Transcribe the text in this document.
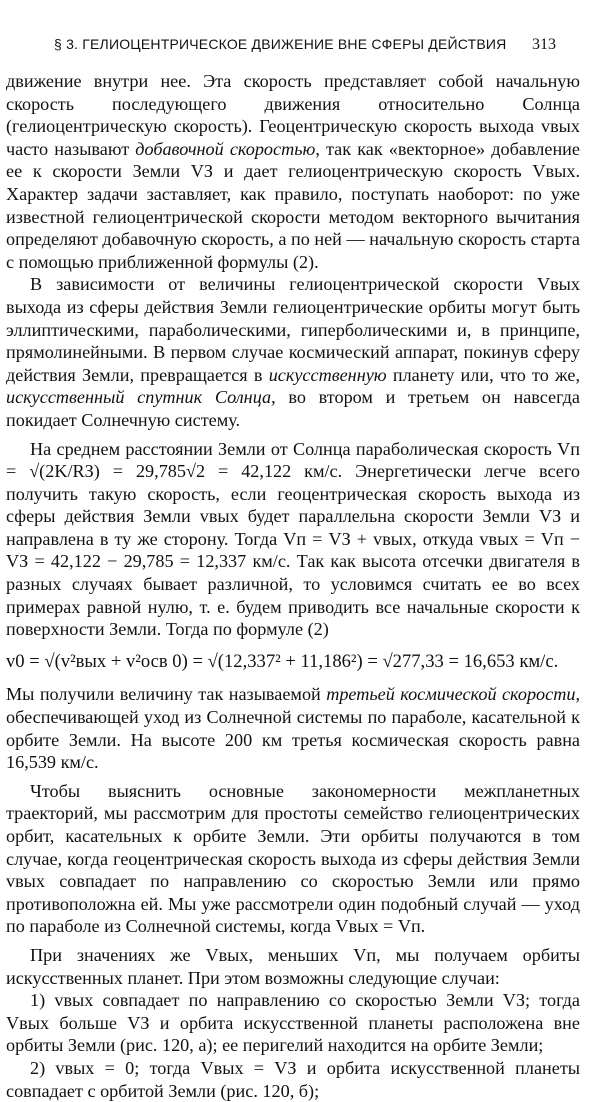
§ 3. ГЕЛИОЦЕНТРИЧЕСКОЕ ДВИЖЕНИЕ ВНЕ СФЕРЫ ДЕЙСТВИЯ 313

движение внутри нее. Эта скорость представляет собой начальную скорость последующего движения относительно Солнца (гелиоцентрическую скорость). Геоцентрическую скорость выхода vвых часто называют добавочной скоростью, так как «векторное» добавление ее к скорости Земли VЗ и дает гелиоцентрическую скорость Vвых. Характер задачи заставляет, как правило, поступать наоборот: по уже известной гелиоцентрической скорости методом векторного вычитания определяют добавочную скорость, а по ней — начальную скорость старта с помощью приближенной формулы (2).

В зависимости от величины гелиоцентрической скорости Vвых выхода из сферы действия Земли гелиоцентрические орбиты могут быть эллиптическими, параболическими, гиперболическими и, в принципе, прямолинейными. В первом случае космический аппарат, покинув сферу действия Земли, превращается в искусственную планету или, что то же, искусственный спутник Солнца, во втором и третьем он навсегда покидает Солнечную систему.

На среднем расстоянии Земли от Солнца параболическая скорость Vп = √(2K/RЗ) = 29,785√2 = 42,122 км/с. Энергетически легче всего получить такую скорость, если геоцентрическая скорость выхода из сферы действия Земли vвых будет параллельна скорости Земли VЗ и направлена в ту же сторону. Тогда Vп = VЗ + vвых, откуда vвых = Vп − VЗ = 42,122 − 29,785 = 12,337 км/с. Так как высота отсечки двигателя в разных случаях бывает различной, то условимся считать ее во всех примерах равной нулю, т. е. будем приводить все начальные скорости к поверхности Земли. Тогда по формуле (2)

v0 = √(v²вых + v²осв 0) = √(12,337² + 11,186²) = √277,33 = 16,653 км/с.

Мы получили величину так называемой третьей космической скорости, обеспечивающей уход из Солнечной системы по параболе, касательной к орбите Земли. На высоте 200 км третья космическая скорость равна 16,539 км/с.

Чтобы выяснить основные закономерности межпланетных траекторий, мы рассмотрим для простоты семейство гелиоцентрических орбит, касательных к орбите Земли. Эти орбиты получаются в том случае, когда геоцентрическая скорость выхода из сферы действия Земли vвых совпадает по направлению со скоростью Земли или прямо противоположна ей. Мы уже рассмотрели один подобный случай — уход по параболе из Солнечной системы, когда Vвых = Vп.

При значениях же Vвых, меньших Vп, мы получаем орбиты искусственных планет. При этом возможны следующие случаи:

1) vвых совпадает по направлению со скоростью Земли VЗ; тогда Vвых больше VЗ и орбита искусственной планеты расположена вне орбиты Земли (рис. 120, а); ее перигелий находится на орбите Земли;

2) vвых = 0; тогда Vвых = VЗ и орбита искусственной планеты совпадает с орбитой Земли (рис. 120, б);
